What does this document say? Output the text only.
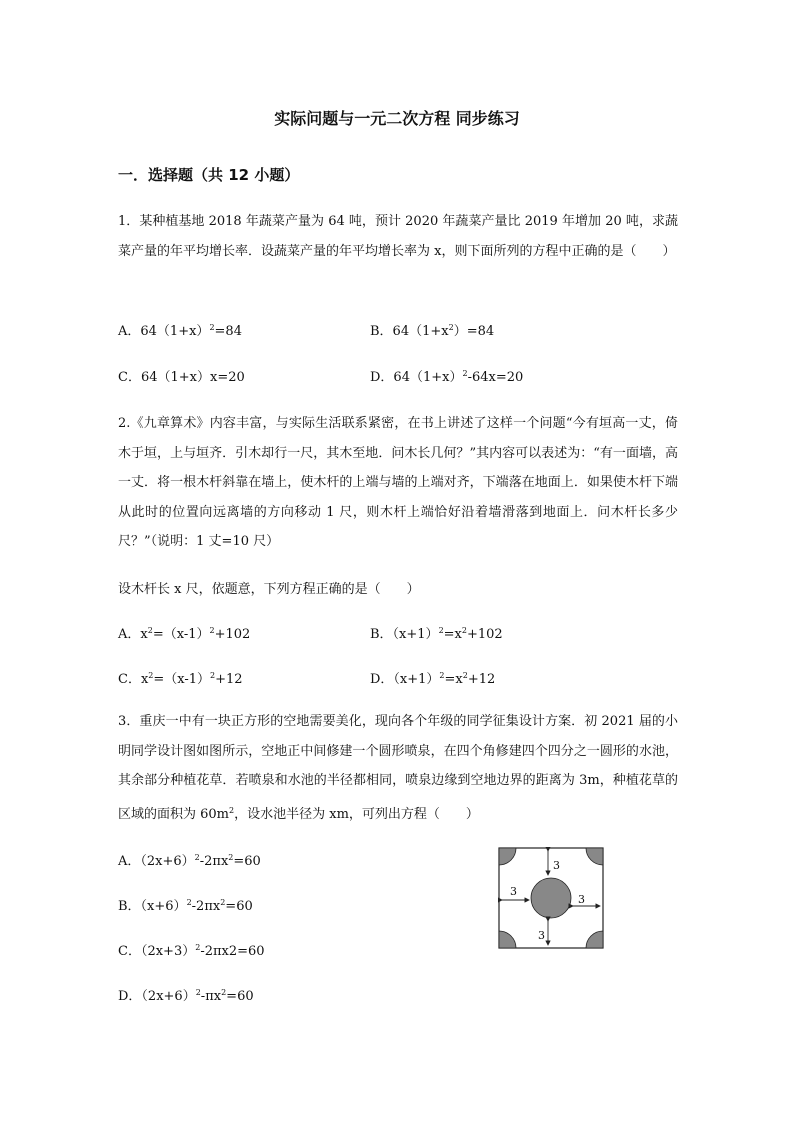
实际问题与一元二次方程 同步练习
一．选择题（共 12 小题）
1．某种植基地 2018 年蔬菜产量为 64 吨，预计 2020 年蔬菜产量比 2019 年增加 20 吨，求蔬菜产量的年平均增长率．设蔬菜产量的年平均增长率为 x，则下面所列的方程中正确的是（　　）
A．$64(1+x)^2=84$	B．$64(1+x^2)=84$
C．64（1+x）x=20	D．$64(1+x)^2-64x=20$
2.《九章算术》内容丰富，与实际生活联系紧密，在书上讲述了这样一个问题“今有垣高一丈，倚木于垣，上与垣齐．引木却行一尺，其木至地．问木长几何？”其内容可以表述为：“有一面墙，高一丈．将一根木杆斜靠在墙上，使木杆的上端与墙的上端对齐，下端落在地面上．如果使木杆下端从此时的位置向远离墙的方向移动 1 尺，则木杆上端恰好沿着墙滑落到地面上．问木杆长多少尺？”（说明：1 丈=10 尺）
设木杆长 x 尺，依题意，下列方程正确的是（　　）
A．$x^2=(x-1)^2+102$	B．$(x+1)^2=x^2+102$
C．$x^2=(x-1)^2+12$	D．$(x+1)^2=x^2+12$
3．重庆一中有一块正方形的空地需要美化，现向各个年级的同学征集设计方案．初 2021 届的小明同学设计图如图所示，空地正中间修建一个圆形喷泉，在四个角修建四个四分之一圆形的水池，其余部分种植花草．若喷泉和水池的半径都相同，喷泉边缘到空地边界的距离为 3m，种植花草的区域的面积为 $60m^2$，设水池半径为 xm，可列出方程（　　）
A．$(2x+6)^2-2\pi x^2=60$
B．$(x+6)^2-2\pi x^2=60$
C．$(2x+3)^2-2\pi x2=60$
D．$(2x+6)^2-\pi x^2=60$
3
3
3
3
